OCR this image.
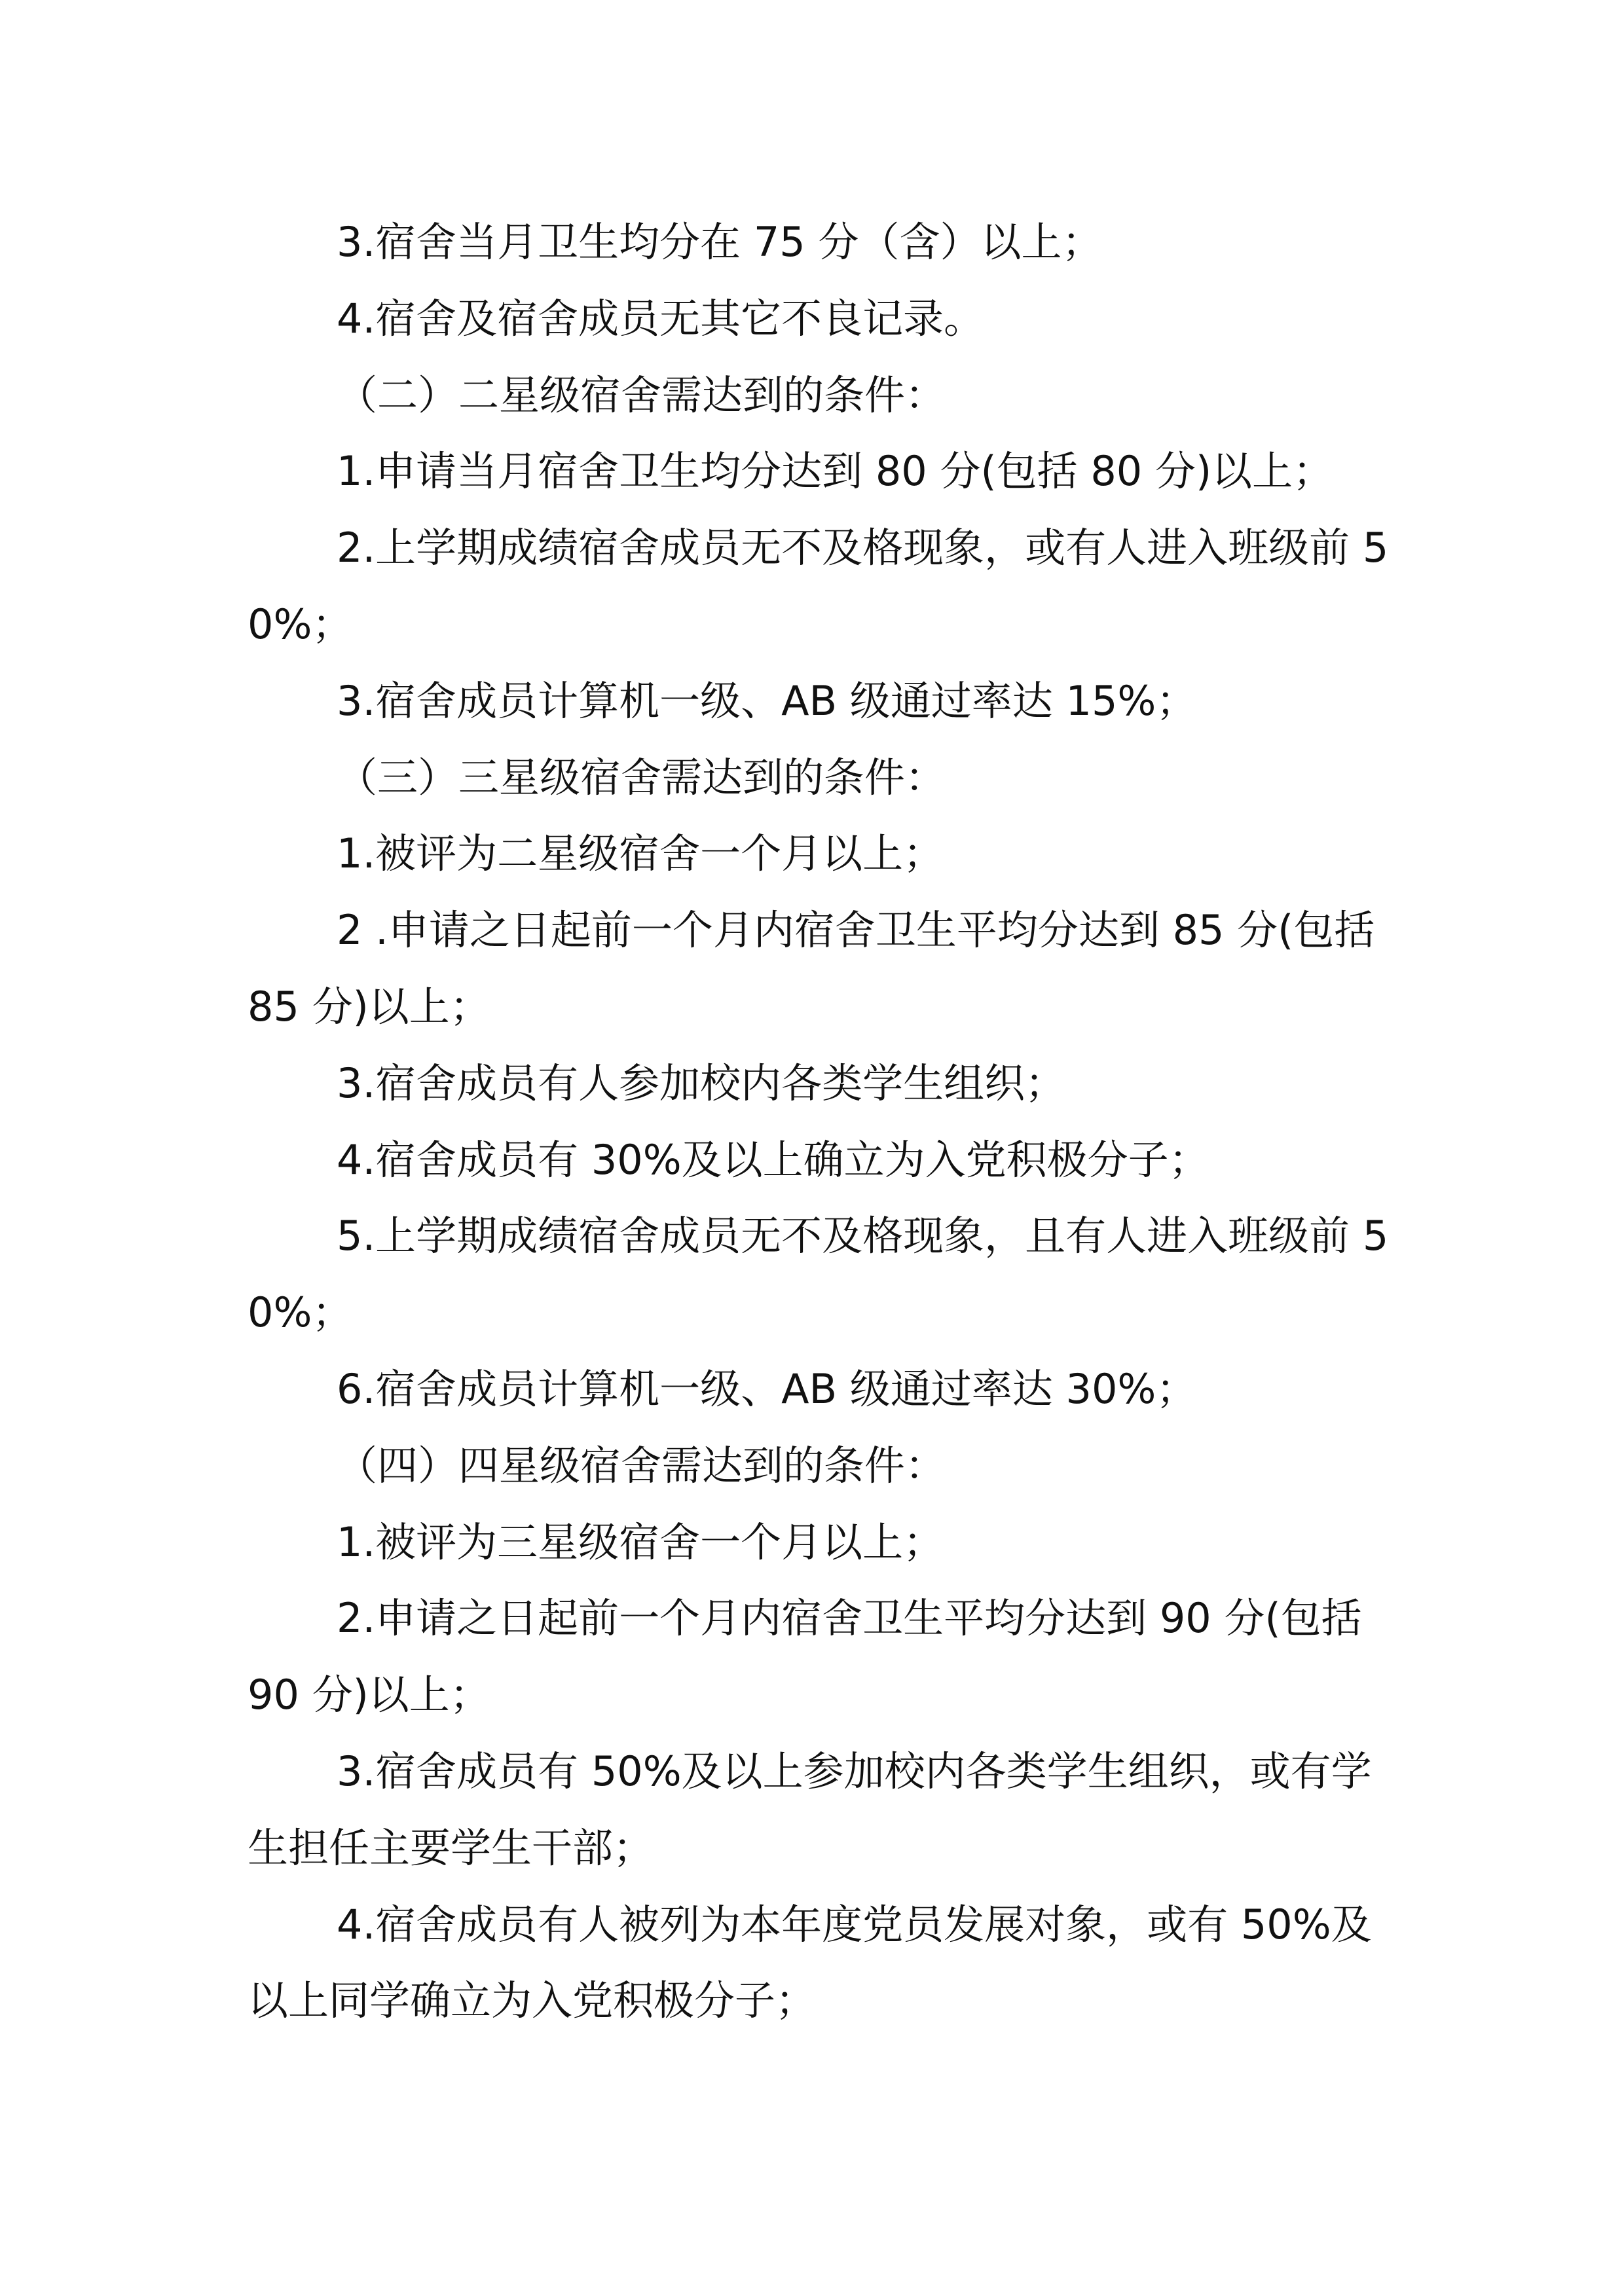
3.宿舍当月卫生均分在 75 分（含）以上；

4.宿舍及宿舍成员无其它不良记录。

（二）二星级宿舍需达到的条件：

1.申请当月宿舍卫生均分达到 80 分(包括 80 分)以上；

2.上学期成绩宿舍成员无不及格现象，或有人进入班级前 50%；

3.宿舍成员计算机一级、AB 级通过率达 15%；

（三）三星级宿舍需达到的条件：

1.被评为二星级宿舍一个月以上；

2 .申请之日起前一个月内宿舍卫生平均分达到 85 分(包括 85 分)以上；

3.宿舍成员有人参加校内各类学生组织；

4.宿舍成员有 30%及以上确立为入党积极分子；

5.上学期成绩宿舍成员无不及格现象，且有人进入班级前 50%；

6.宿舍成员计算机一级、AB 级通过率达 30%；

（四）四星级宿舍需达到的条件：

1.被评为三星级宿舍一个月以上；

2.申请之日起前一个月内宿舍卫生平均分达到 90 分(包括 90 分)以上；

3.宿舍成员有 50%及以上参加校内各类学生组织，或有学生担任主要学生干部；

4.宿舍成员有人被列为本年度党员发展对象，或有 50%及以上同学确立为入党积极分子；
